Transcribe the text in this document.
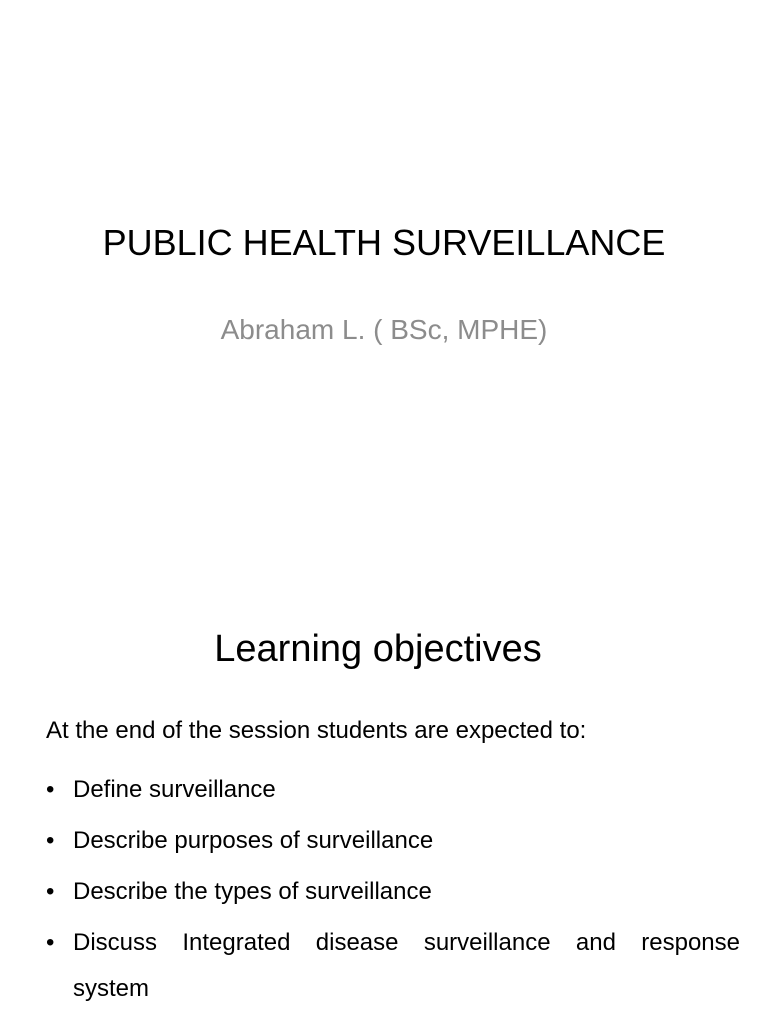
PUBLIC HEALTH SURVEILLANCE
Abraham L. ( BSc, MPHE)
Learning objectives
At the end of the session students are expected to:
• Define surveillance
• Describe purposes of surveillance
• Describe the types of surveillance
• Discuss Integrated disease surveillance and response
system
